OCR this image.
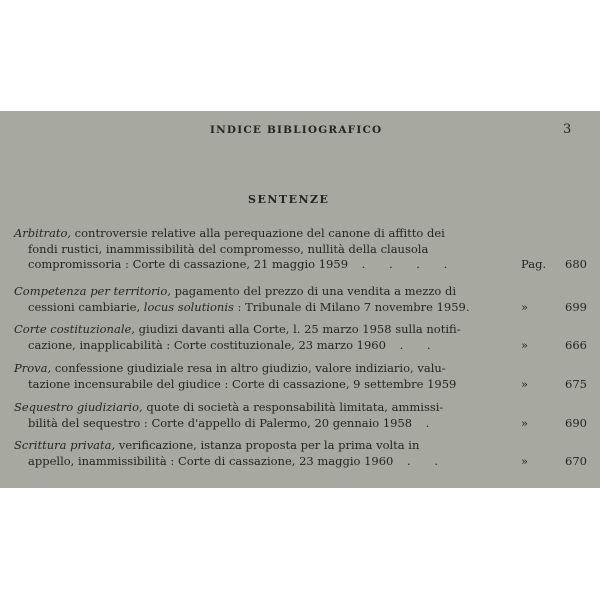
INDICE BIBLIOGRAFICO	3
SENTENZE
Arbitrato, controversie relative alla perequazione del canone di affitto dei
fondi rustici, inammissibilità del compromesso, nullità della clausola
compromissoria : Corte di cassazione, 21 maggio 1959 . . . .	Pag. 680
Competenza per territorio, pagamento del prezzo di una vendita a mezzo di
cessioni cambiarie, locus solutionis : Tribunale di Milano 7 novembre 1959.	»	699
Corte costituzionale, giudizi davanti alla Corte, l. 25 marzo 1958 sulla notifi-
cazione, inapplicabilità : Corte costituzionale, 23 marzo 1960 . .	»	666
Prova, confessione giudiziale resa in altro giudizio, valore indiziario, valu-
tazione incensurabile del giudice : Corte di cassazione, 9 settembre 1959	»	675
Sequestro giudiziario, quote di società a responsabilità limitata, ammissi-
bilità del sequestro : Corte d'appello di Palermo, 20 gennaio 1958 .	»	690
Scrittura privata, verificazione, istanza proposta per la prima volta in
appello, inammissibilità : Corte di cassazione, 23 maggio 1960 . .	»	670
